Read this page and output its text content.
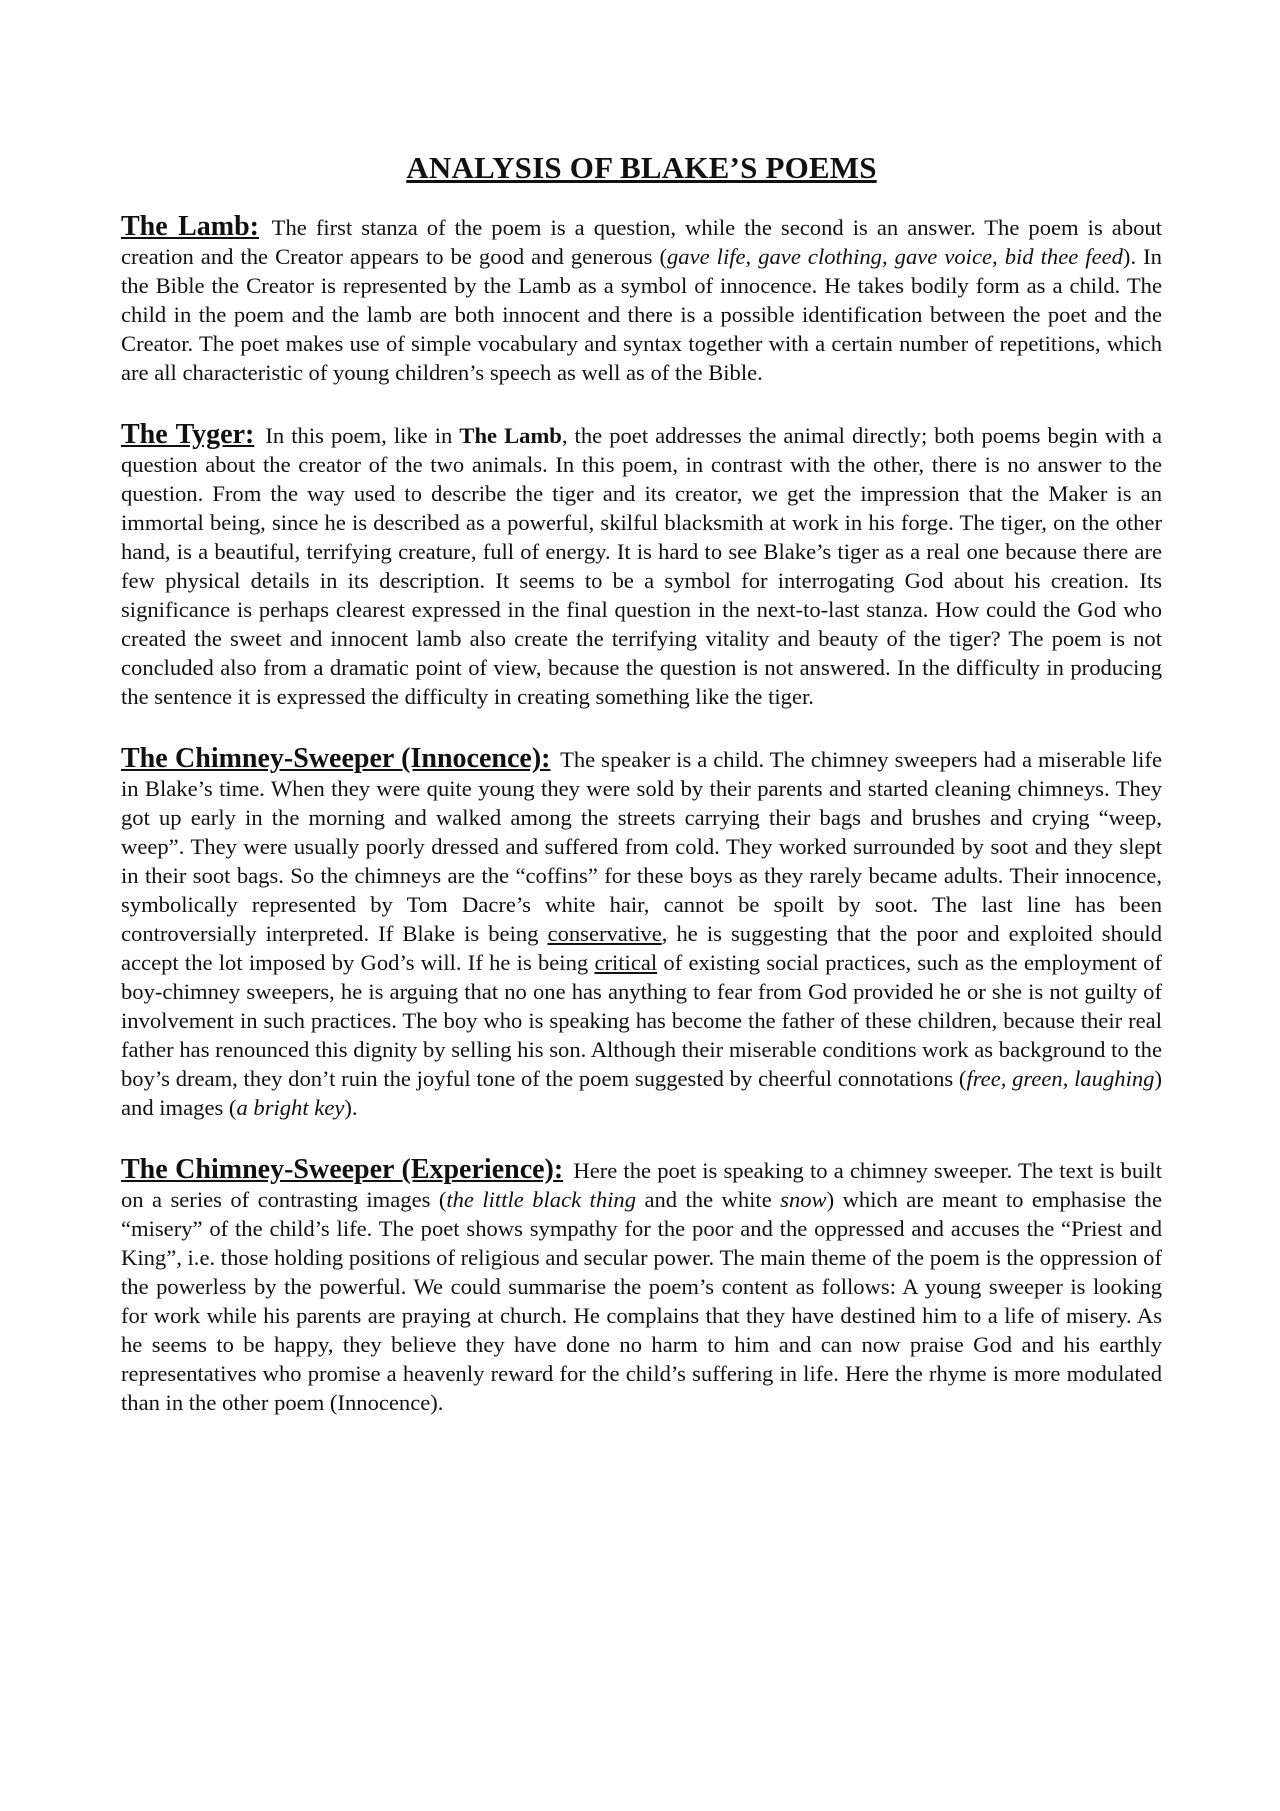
ANALYSIS OF BLAKE’S POEMS

The Lamb: The first stanza of the poem is a question, while the second is an answer. The poem is about creation and the Creator appears to be good and generous (gave life, gave clothing, gave voice, bid thee feed). In the Bible the Creator is represented by the Lamb as a symbol of innocence. He takes bodily form as a child. The child in the poem and the lamb are both innocent and there is a possible identification between the poet and the Creator. The poet makes use of simple vocabulary and syntax together with a certain number of repetitions, which are all characteristic of young children’s speech as well as of the Bible.

The Tyger: In this poem, like in The Lamb, the poet addresses the animal directly; both poems begin with a question about the creator of the two animals. In this poem, in contrast with the other, there is no answer to the question. From the way used to describe the tiger and its creator, we get the impression that the Maker is an immortal being, since he is described as a powerful, skilful blacksmith at work in his forge. The tiger, on the other hand, is a beautiful, terrifying creature, full of energy. It is hard to see Blake’s tiger as a real one because there are few physical details in its description. It seems to be a symbol for interrogating God about his creation. Its significance is perhaps clearest expressed in the final question in the next-to-last stanza. How could the God who created the sweet and innocent lamb also create the terrifying vitality and beauty of the tiger? The poem is not concluded also from a dramatic point of view, because the question is not answered. In the difficulty in producing the sentence it is expressed the difficulty in creating something like the tiger.

The Chimney-Sweeper (Innocence): The speaker is a child. The chimney sweepers had a miserable life in Blake’s time. When they were quite young they were sold by their parents and started cleaning chimneys. They got up early in the morning and walked among the streets carrying their bags and brushes and crying “weep, weep”. They were usually poorly dressed and suffered from cold. They worked surrounded by soot and they slept in their soot bags. So the chimneys are the “coffins” for these boys as they rarely became adults. Their innocence, symbolically represented by Tom Dacre’s white hair, cannot be spoilt by soot. The last line has been controversially interpreted. If Blake is being conservative, he is suggesting that the poor and exploited should accept the lot imposed by God’s will. If he is being critical of existing social practices, such as the employment of boy-chimney sweepers, he is arguing that no one has anything to fear from God provided he or she is not guilty of involvement in such practices. The boy who is speaking has become the father of these children, because their real father has renounced this dignity by selling his son. Although their miserable conditions work as background to the boy’s dream, they don’t ruin the joyful tone of the poem suggested by cheerful connotations (free, green, laughing) and images (a bright key).

The Chimney-Sweeper (Experience): Here the poet is speaking to a chimney sweeper. The text is built on a series of contrasting images (the little black thing and the white snow) which are meant to emphasise the “misery” of the child’s life. The poet shows sympathy for the poor and the oppressed and accuses the “Priest and King”, i.e. those holding positions of religious and secular power. The main theme of the poem is the oppression of the powerless by the powerful. We could summarise the poem’s content as follows: A young sweeper is looking for work while his parents are praying at church. He complains that they have destined him to a life of misery. As he seems to be happy, they believe they have done no harm to him and can now praise God and his earthly representatives who promise a heavenly reward for the child’s suffering in life. Here the rhyme is more modulated than in the other poem (Innocence).
